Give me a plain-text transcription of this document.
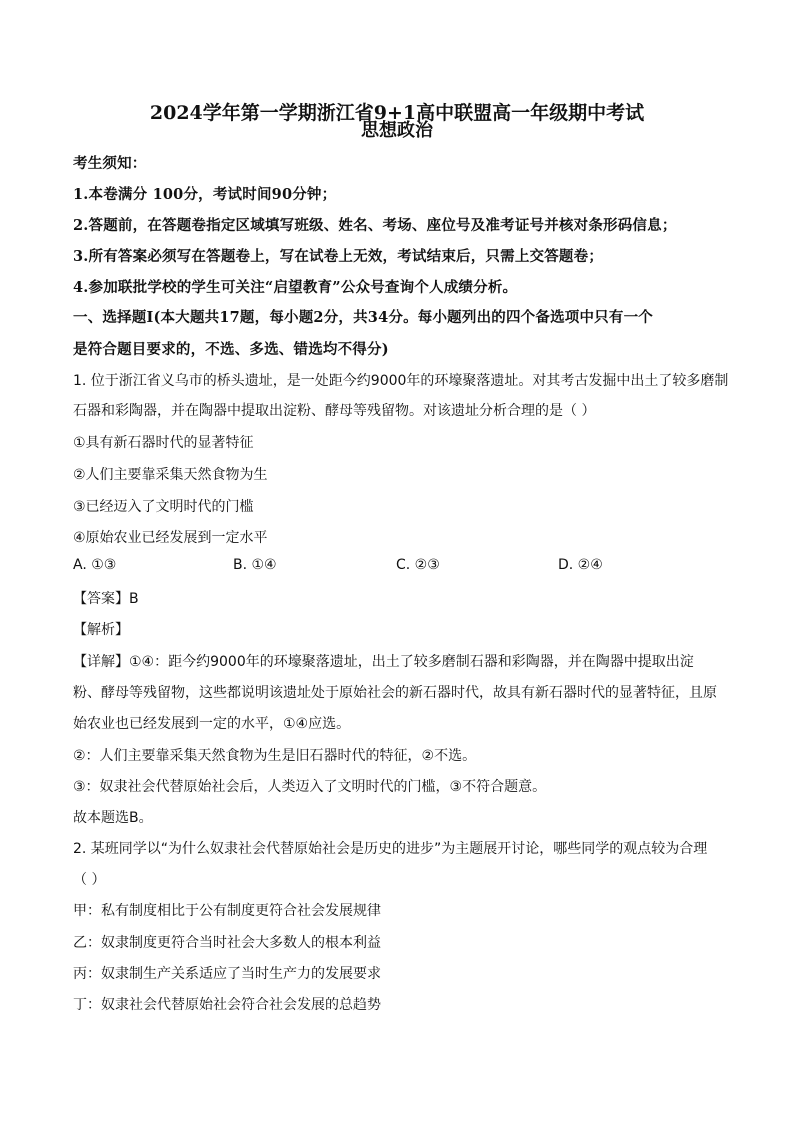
2024学年第一学期浙江省9+1高中联盟高一年级期中考试
思想政治
考生须知：
1.本卷满分 100分，考试时间90分钟；
2.答题前，在答题卷指定区域填写班级、姓名、考场、座位号及准考证号并核对条形码信息；
3.所有答案必须写在答题卷上，写在试卷上无效，考试结束后，只需上交答题卷；
4.参加联批学校的学生可关注“启望教育”公众号查询个人成绩分析。
一、选择题Ⅰ(本大题共17题，每小题2分，共34分。每小题列出的四个备选项中只有一个
是符合题目要求的，不选、多选、错选均不得分)
1. 位于浙江省义乌市的桥头遗址，是一处距今约9000年的环壕聚落遗址。对其考古发掘中出土了较多磨制
石器和彩陶器，并在陶器中提取出淀粉、酵母等残留物。对该遗址分析合理的是（ ）
①具有新石器时代的显著特征
②人们主要靠采集天然食物为生
③已经迈入了文明时代的门槛
④原始农业已经发展到一定水平
A. ①③	B. ①④	C. ②③	D. ②④
【答案】B
【解析】
【详解】①④：距今约9000年的环壕聚落遗址，出土了较多磨制石器和彩陶器，并在陶器中提取出淀
粉、酵母等残留物，这些都说明该遗址处于原始社会的新石器时代，故具有新石器时代的显著特征，且原
始农业也已经发展到一定的水平，①④应选。
②：人们主要靠采集天然食物为生是旧石器时代的特征，②不选。
③：奴隶社会代替原始社会后，人类迈入了文明时代的门槛，③不符合题意。
故本题选B。
2. 某班同学以“为什么奴隶社会代替原始社会是历史的进步”为主题展开讨论，哪些同学的观点较为合理
（ ）
甲：私有制度相比于公有制度更符合社会发展规律
乙：奴隶制度更符合当时社会大多数人的根本利益
丙：奴隶制生产关系适应了当时生产力的发展要求
丁：奴隶社会代替原始社会符合社会发展的总趋势
